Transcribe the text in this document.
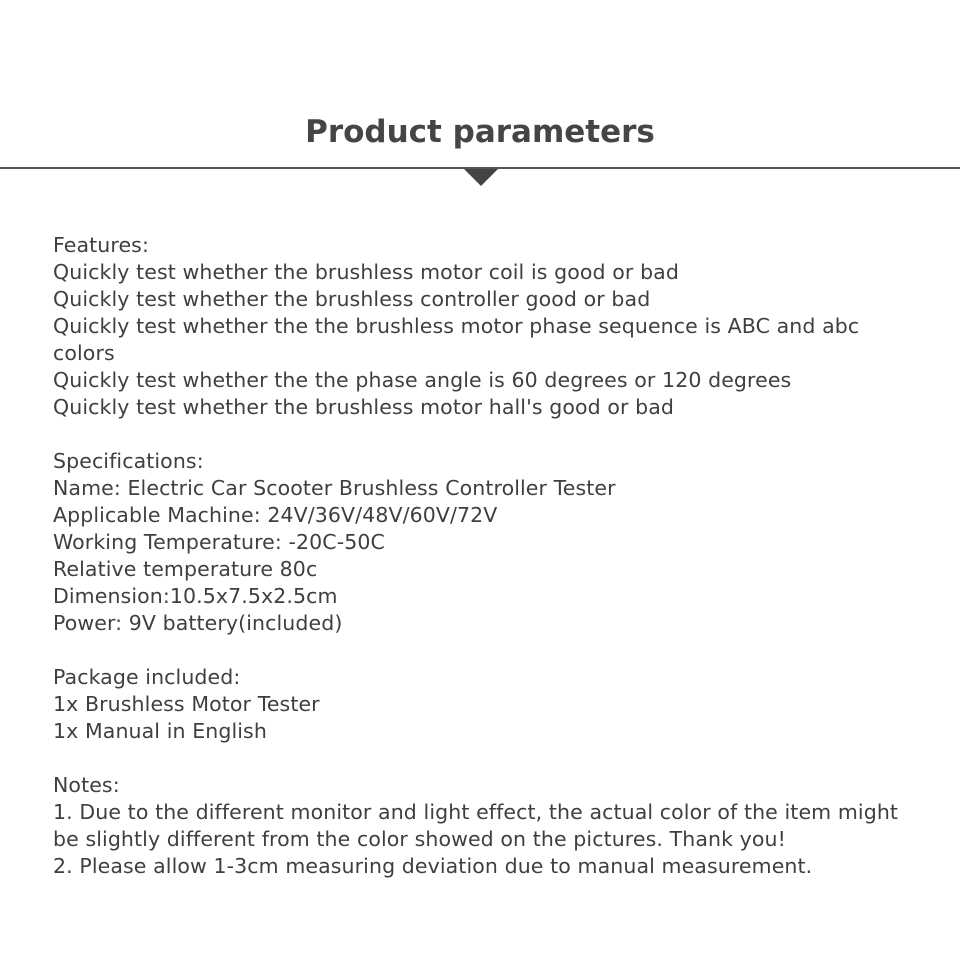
Product parameters
Features:
Quickly test whether the brushless motor coil is good or bad
Quickly test whether the brushless controller good or bad
Quickly test whether the the brushless motor phase sequence is ABC and abc colors
Quickly test whether the the phase angle is 60 degrees or 120 degrees
Quickly test whether the brushless motor hall's good or bad
Specifications:
Name: Electric Car Scooter Brushless Controller Tester
Applicable Machine: 24V/36V/48V/60V/72V
Working Temperature: -20C-50C
Relative temperature 80c
Dimension:10.5x7.5x2.5cm
Power: 9V battery(included)
Package included:
1x Brushless Motor Tester
1x Manual in English
Notes:
1. Due to the different monitor and light effect, the actual color of the item might be slightly different from the color showed on the pictures. Thank you!
2. Please allow 1-3cm measuring deviation due to manual measurement.
